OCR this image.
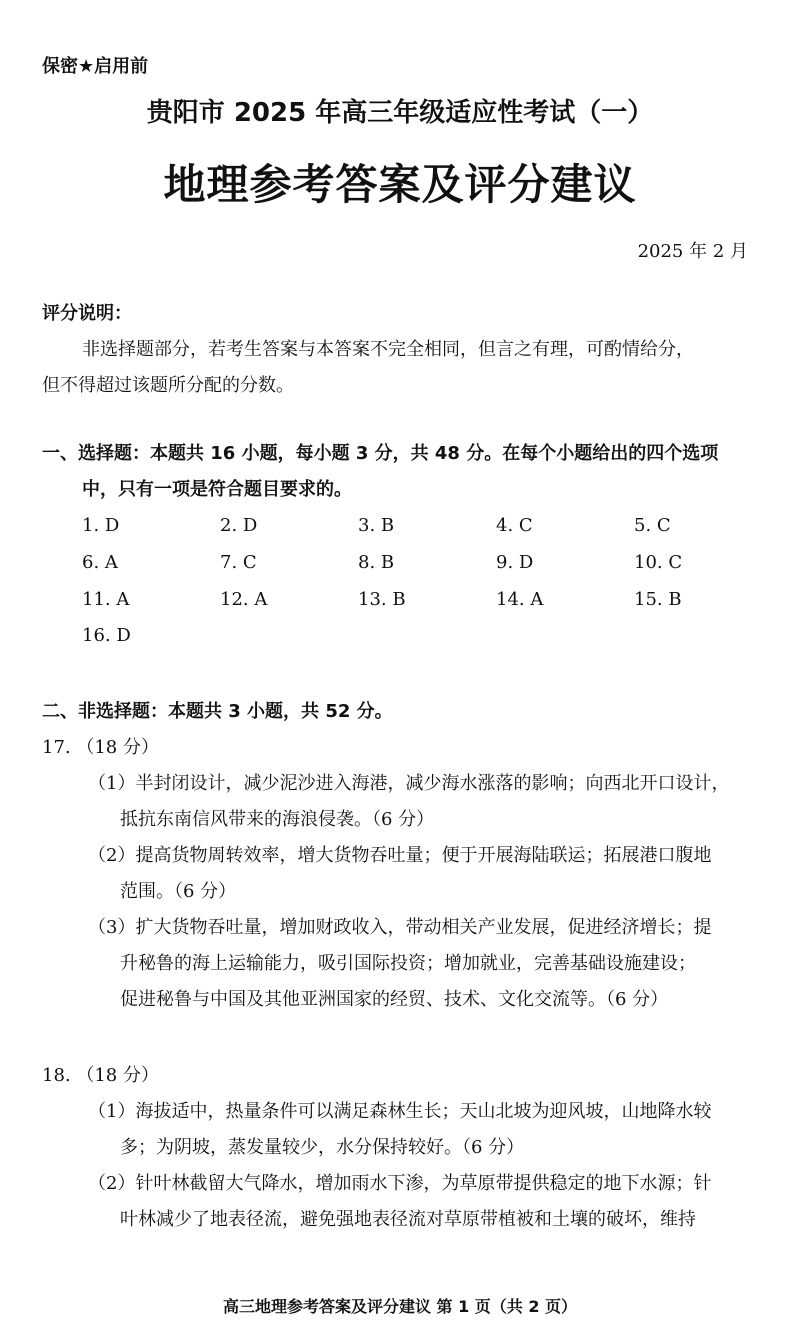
保密★启用前
贵阳市 2025 年高三年级适应性考试（一）
地理参考答案及评分建议
2025 年 2 月
评分说明：
非选择题部分，若考生答案与本答案不完全相同，但言之有理，可酌情给分，
但不得超过该题所分配的分数。
一、选择题：本题共 16 小题，每小题 3 分，共 48 分。在每个小题给出的四个选项
中，只有一项是符合题目要求的。
1. D	2. D	3. B	4. C	5. C
6. A	7. C	8. B	9. D	10. C
11. A	12. A	13. B	14. A	15. B
16. D
二、非选择题：本题共 3 小题，共 52 分。
17. （18 分）
（1）半封闭设计，减少泥沙进入海港，减少海水涨落的影响；向西北开口设计，
抵抗东南信风带来的海浪侵袭。（6 分）
（2）提高货物周转效率，增大货物吞吐量；便于开展海陆联运；拓展港口腹地
范围。（6 分）
（3）扩大货物吞吐量，增加财政收入，带动相关产业发展，促进经济增长；提
升秘鲁的海上运输能力，吸引国际投资；增加就业，完善基础设施建设；
促进秘鲁与中国及其他亚洲国家的经贸、技术、文化交流等。（6 分）
18. （18 分）
（1）海拔适中，热量条件可以满足森林生长；天山北坡为迎风坡，山地降水较
多；为阴坡，蒸发量较少，水分保持较好。（6 分）
（2）针叶林截留大气降水，增加雨水下渗，为草原带提供稳定的地下水源；针
叶林减少了地表径流，避免强地表径流对草原带植被和土壤的破坏，维持
高三地理参考答案及评分建议 第 1 页（共 2 页）
